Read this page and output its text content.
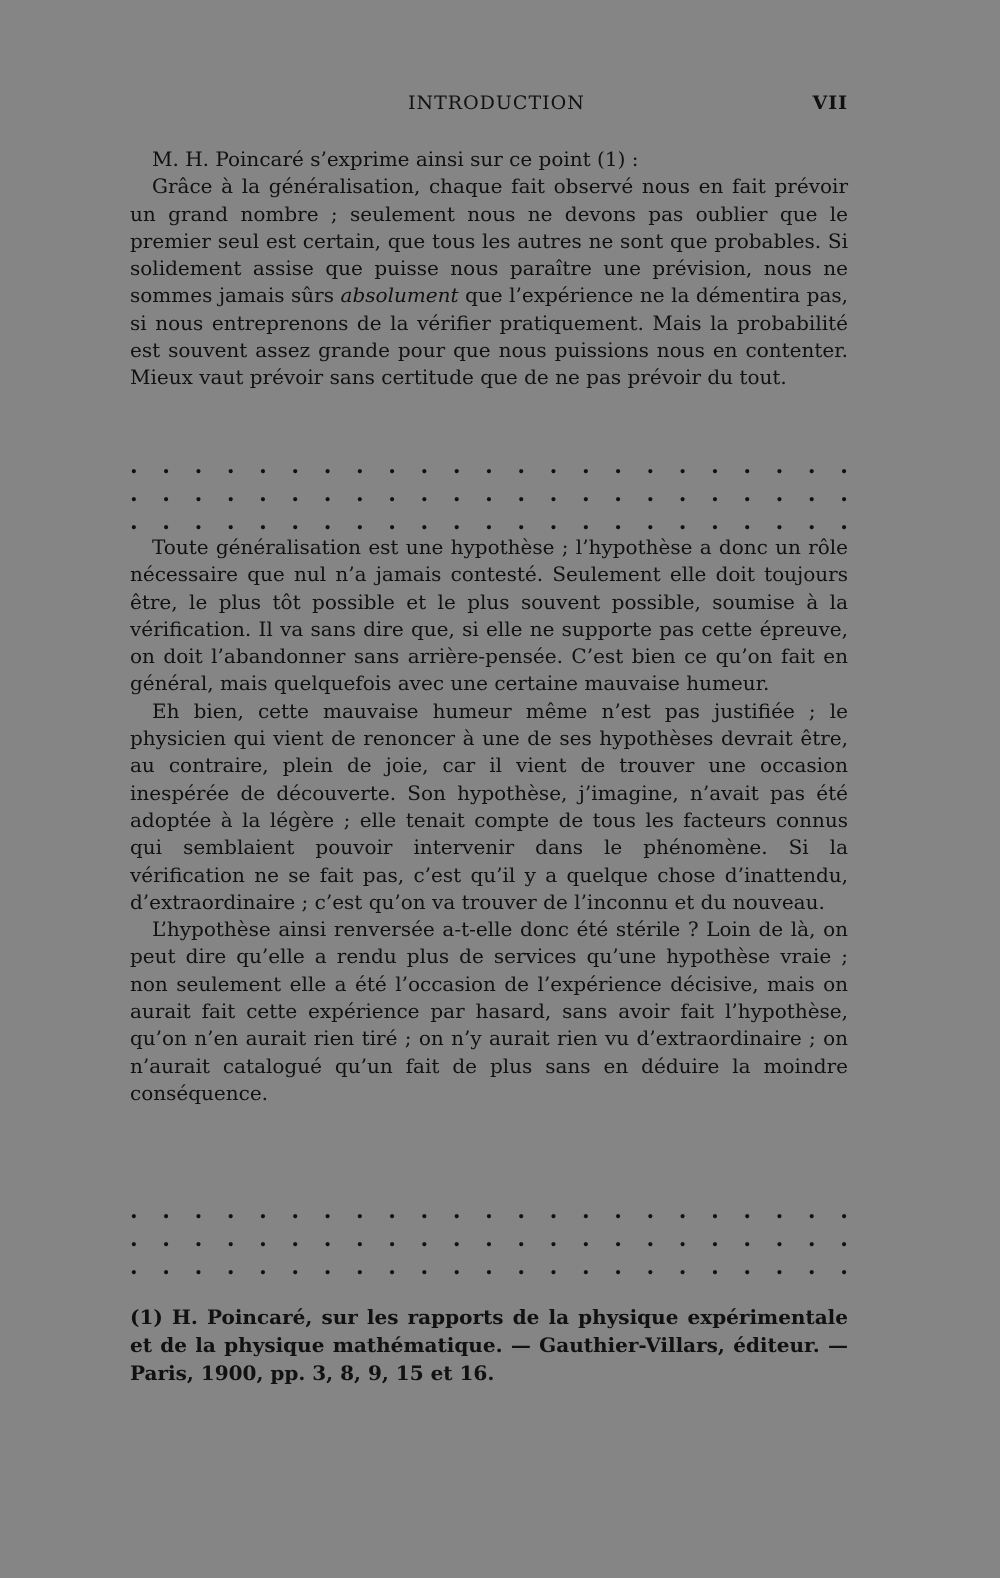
INTRODUCTION	VII

M. H. Poincaré s’exprime ainsi sur ce point (1) :

Grâce à la généralisation, chaque fait observé nous en fait prévoir un grand nombre ; seulement nous ne devons pas oublier que le premier seul est certain, que tous les autres ne sont que probables. Si solidement assise que puisse nous paraître une prévision, nous ne sommes jamais sûrs absolument que l’expérience ne la démentira pas, si nous entreprenons de la vérifier pratiquement. Mais la probabilité est souvent assez grande pour que nous puissions nous en contenter. Mieux vaut prévoir sans certitude que de ne pas prévoir du tout.

. . . . . . . . . . . . . . . . . . . . . . .
. . . . . . . . . . . . . . . . . . . . . . .
. . . . . . . . . . . . . . . . . . . . . . .

Toute généralisation est une hypothèse ; l’hypothèse a donc un rôle nécessaire que nul n’a jamais contesté. Seulement elle doit toujours être, le plus tôt possible et le plus souvent possible, soumise à la vérification. Il va sans dire que, si elle ne supporte pas cette épreuve, on doit l’abandonner sans arrière-pensée. C’est bien ce qu’on fait en général, mais quelquefois avec une certaine mauvaise humeur.

Eh bien, cette mauvaise humeur même n’est pas justifiée ; le physicien qui vient de renoncer à une de ses hypothèses devrait être, au contraire, plein de joie, car il vient de trouver une occasion inespérée de découverte. Son hypothèse, j’imagine, n’avait pas été adoptée à la légère ; elle tenait compte de tous les facteurs connus qui semblaient pouvoir intervenir dans le phénomène. Si la vérification ne se fait pas, c’est qu’il y a quelque chose d’inattendu, d’extraordinaire ; c’est qu’on va trouver de l’inconnu et du nouveau.

L’hypothèse ainsi renversée a-t-elle donc été stérile ? Loin de là, on peut dire qu’elle a rendu plus de services qu’une hypothèse vraie ; non seulement elle a été l’occasion de l’expérience décisive, mais on aurait fait cette expérience par hasard, sans avoir fait l’hypothèse, qu’on n’en aurait rien tiré ; on n’y aurait rien vu d’extraordinaire ; on n’aurait catalogué qu’un fait de plus sans en déduire la moindre conséquence.

. . . . . . . . . . . . . . . . . . . . . . .
. . . . . . . . . . . . . . . . . . . . . . .
. . . . . . . . . . . . . . . . . . . . . . .

(1) H. Poincaré, sur les rapports de la physique expérimentale et de la physique mathématique. — Gauthier-Villars, éditeur. — Paris, 1900, pp. 3, 8, 9, 15 et 16.
